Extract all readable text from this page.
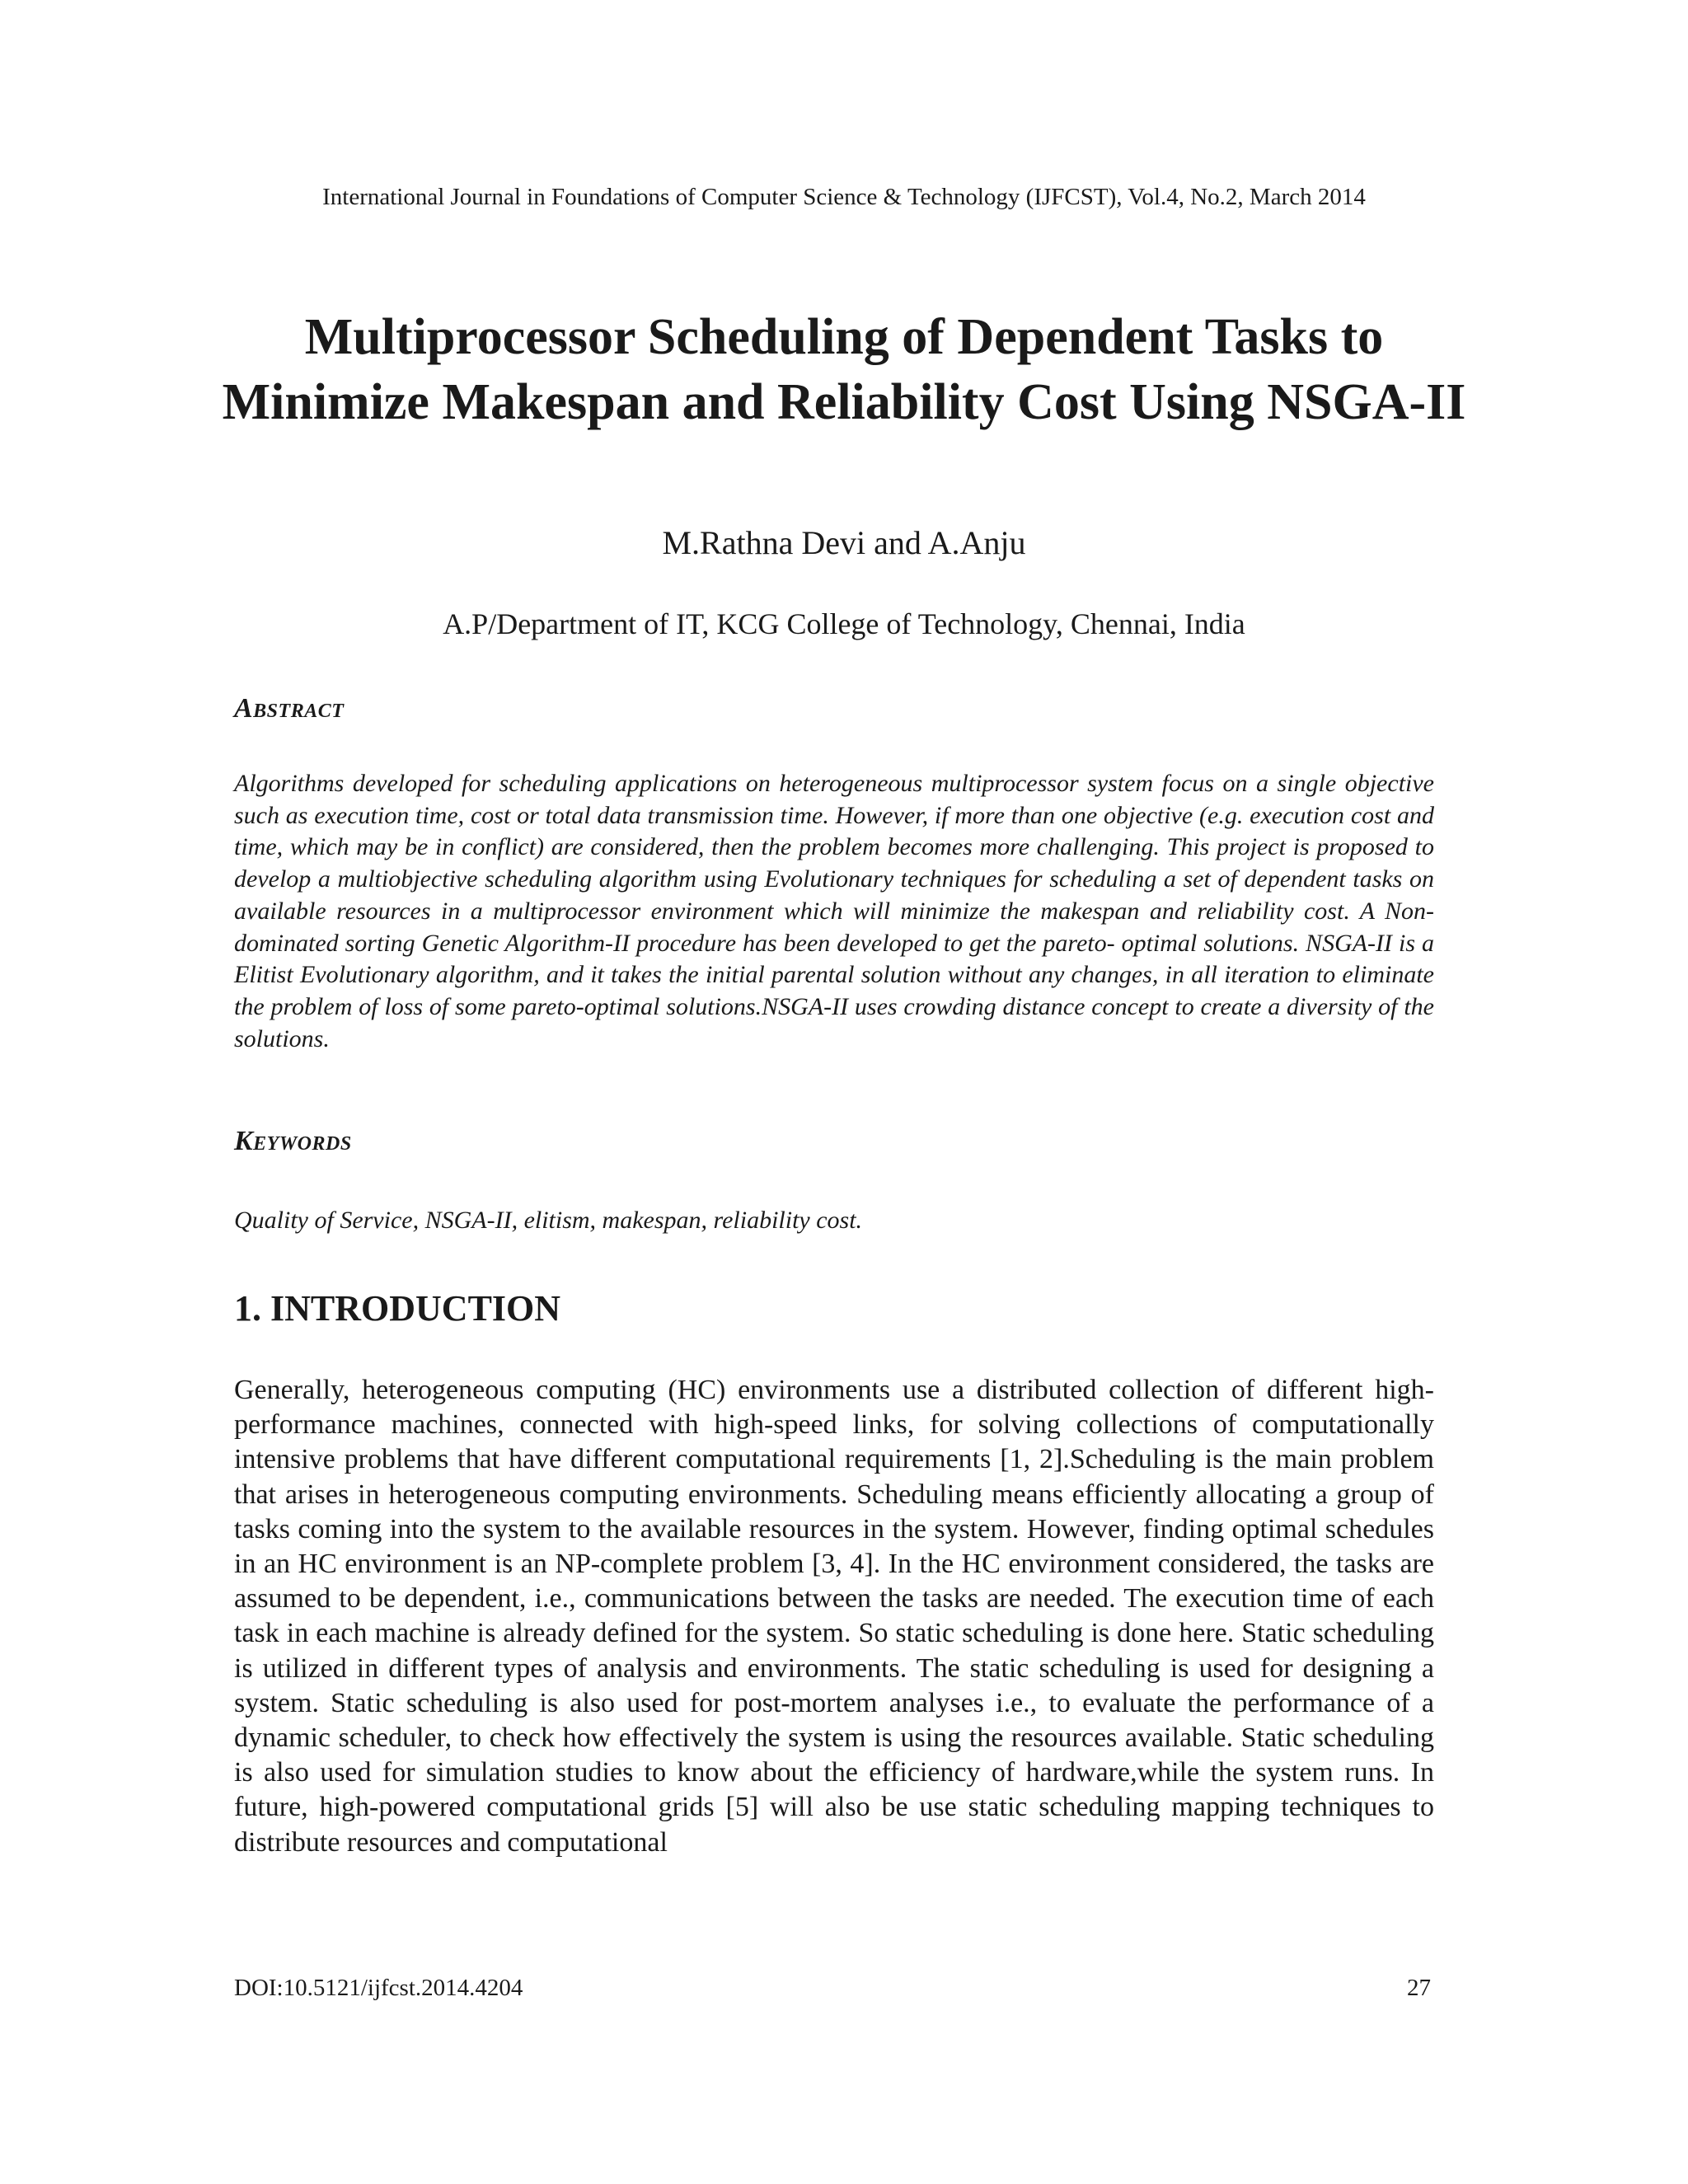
International Journal in Foundations of Computer Science & Technology (IJFCST), Vol.4, No.2, March 2014
Multiprocessor Scheduling of Dependent Tasks to Minimize Makespan and Reliability Cost Using NSGA-II
M.Rathna Devi and A.Anju
A.P/Department of IT, KCG College of Technology, Chennai, India
Abstract

Algorithms developed for scheduling applications on heterogeneous multiprocessor system focus on a single objective such as execution time, cost or total data transmission time. However, if more than one objective (e.g. execution cost and time, which may be in conflict) are considered, then the problem becomes more challenging. This project is proposed to develop a multiobjective scheduling algorithm using Evolutionary techniques for scheduling a set of dependent tasks on available resources in a multiprocessor environment which will minimize the makespan and reliability cost. A Non-dominated sorting Genetic Algorithm-II procedure has been developed to get the pareto- optimal solutions. NSGA-II is a Elitist Evolutionary algorithm, and it takes the initial parental solution without any changes, in all iteration to eliminate the problem of loss of some pareto-optimal solutions.NSGA-II uses crowding distance concept to create a diversity of the solutions.

Keywords

Quality of Service, NSGA-II, elitism, makespan, reliability cost.

1. INTRODUCTION

Generally, heterogeneous computing (HC) environments use a distributed collection of different high-performance machines, connected with high-speed links, for solving collections of computationally intensive problems that have different computational requirements [1, 2].Scheduling is the main problem that arises in heterogeneous computing environments. Scheduling means efficiently allocating a group of tasks coming into the system to the available resources in the system. However, finding optimal schedules in an HC environment is an NP-complete problem [3, 4]. In the HC environment considered, the tasks are assumed to be dependent, i.e., communications between the tasks are needed. The execution time of each task in each machine is already defined for the system. So static scheduling is done here. Static scheduling is utilized in different types of analysis and environments. The static scheduling is used for designing a system. Static scheduling is also used for post-mortem analyses i.e., to evaluate the performance of a dynamic scheduler, to check how effectively the system is using the resources available. Static scheduling is also used for simulation studies to know about the efficiency of hardware,while the system runs. In future, high-powered computational grids [5] will also be use static scheduling mapping techniques to distribute resources and computational

DOI:10.5121/ijfcst.2014.4204	27
